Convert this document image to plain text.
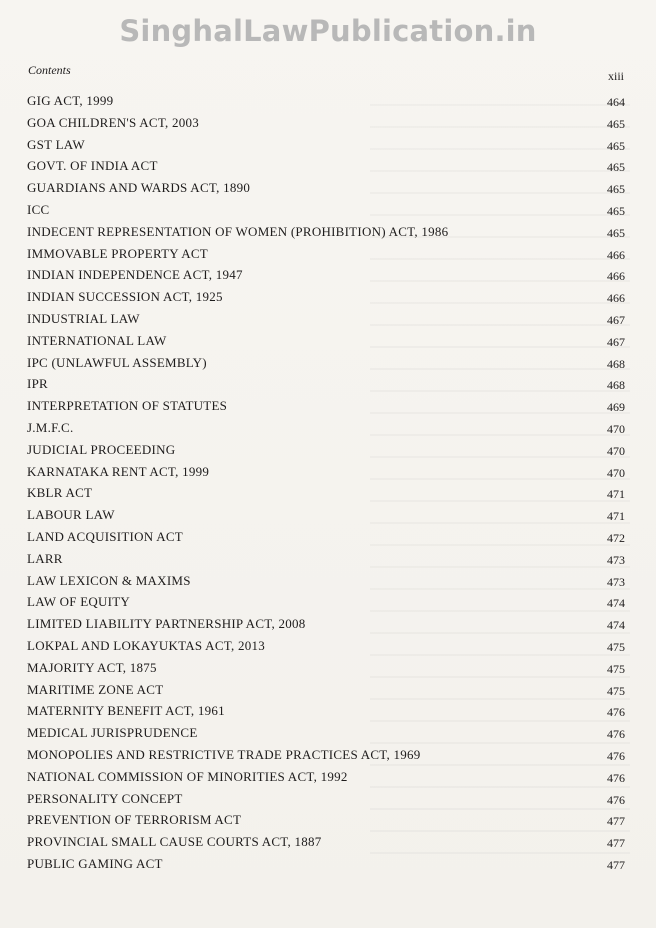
SinghalLawPublication.in
Contents	xiii
GIG ACT, 1999	464
GOA CHILDREN'S ACT, 2003	465
GST LAW	465
GOVT. OF INDIA ACT	465
GUARDIANS AND WARDS ACT, 1890	465
ICC	465
INDECENT REPRESENTATION OF WOMEN (PROHIBITION) ACT, 1986	465
IMMOVABLE PROPERTY ACT	466
INDIAN INDEPENDENCE ACT, 1947	466
INDIAN SUCCESSION ACT, 1925	466
INDUSTRIAL LAW	467
INTERNATIONAL LAW	467
IPC (UNLAWFUL ASSEMBLY)	468
IPR	468
INTERPRETATION OF STATUTES	469
J.M.F.C.	470
JUDICIAL PROCEEDING	470
KARNATAKA RENT ACT, 1999	470
KBLR ACT	471
LABOUR LAW	471
LAND ACQUISITION ACT	472
LARR	473
LAW LEXICON & MAXIMS	473
LAW OF EQUITY	474
LIMITED LIABILITY PARTNERSHIP ACT, 2008	474
LOKPAL AND LOKAYUKTAS ACT, 2013	475
MAJORITY ACT, 1875	475
MARITIME ZONE ACT	475
MATERNITY BENEFIT ACT, 1961	476
MEDICAL JURISPRUDENCE	476
MONOPOLIES AND RESTRICTIVE TRADE PRACTICES ACT, 1969	476
NATIONAL COMMISSION OF MINORITIES ACT, 1992	476
PERSONALITY CONCEPT	476
PREVENTION OF TERRORISM ACT	477
PROVINCIAL SMALL CAUSE COURTS ACT, 1887	477
PUBLIC GAMING ACT	477
